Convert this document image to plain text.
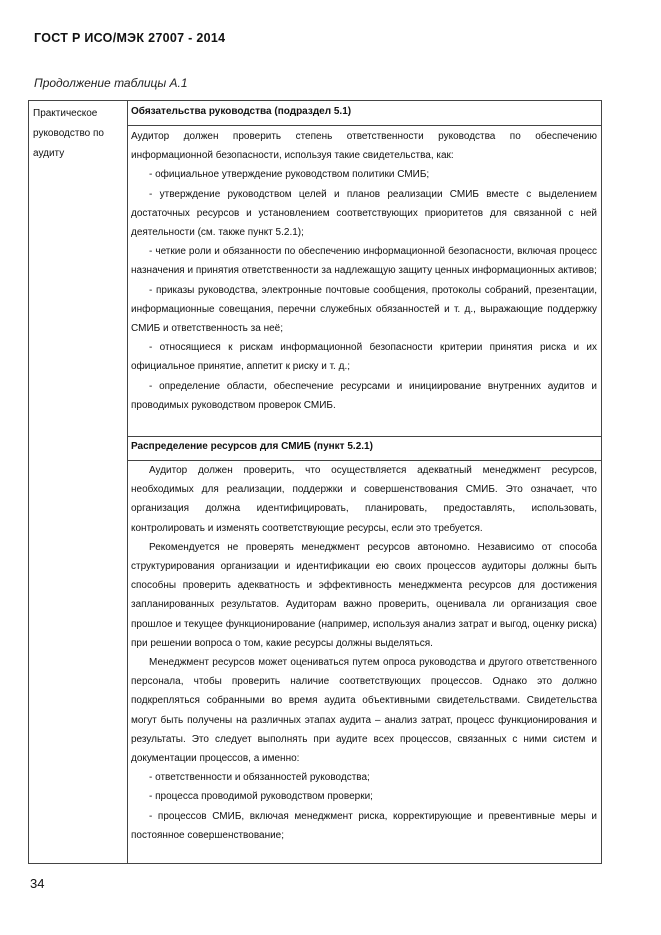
ГОСТ Р ИСО/МЭК 27007 - 2014
Продолжение таблицы А.1
Практическое руководство по аудиту
Обязательства руководства (подраздел 5.1)

Аудитор должен проверить степень ответственности руководства по обеспечению информационной безопасности, используя такие свидетельства, как:

- официальное утверждение руководством политики СМИБ;

- утверждение руководством целей и планов реализации СМИБ вместе с выделением достаточных ресурсов и установлением соответствующих приоритетов для связанной с ней деятельности (см. также пункт 5.2.1);

- четкие роли и обязанности по обеспечению информационной безопасности, включая процесс назначения и принятия ответственности за надлежащую защиту ценных информационных активов;

- приказы руководства, электронные почтовые сообщения, протоколы собраний, презентации, информационные совещания, перечни служебных обязанностей и т. д., выражающие поддержку СМИБ и ответственность за неё;

- относящиеся к рискам информационной безопасности критерии принятия риска и их официальное принятие, аппетит к риску и т. д.;

- определение области, обеспечение ресурсами и инициирование внутренних аудитов и проводимых руководством проверок СМИБ.

Распределение ресурсов для СМИБ (пункт 5.2.1)

Аудитор должен проверить, что осуществляется адекватный менеджмент ресурсов, необходимых для реализации, поддержки и совершенствования СМИБ. Это означает, что организация должна идентифицировать, планировать, предоставлять, использовать, контролировать и изменять соответствующие ресурсы, если это требуется.

Рекомендуется не проверять менеджмент ресурсов автономно. Независимо от способа структурирования организации и идентификации ею своих процессов аудиторы должны быть способны проверить адекватность и эффективность менеджмента ресурсов для достижения запланированных результатов. Аудиторам важно проверить, оценивала ли организация свое прошлое и текущее функционирование (например, используя анализ затрат и выгод, оценку риска) при решении вопроса о том, какие ресурсы должны выделяться.

Менеджмент ресурсов может оцениваться путем опроса руководства и другого ответственного персонала, чтобы проверить наличие соответствующих процессов. Однако это должно подкрепляться собранными во время аудита объективными свидетельствами. Свидетельства могут быть получены на различных этапах аудита – анализ затрат, процесс функционирования и результаты. Это следует выполнять при аудите всех процессов, связанных с ними систем и документации процессов, а именно:

- ответственности и обязанностей руководства;

- процесса проводимой руководством проверки;

- процессов СМИБ, включая менеджмент риска, корректирующие и превентивные меры и постоянное совершенствование;

34
